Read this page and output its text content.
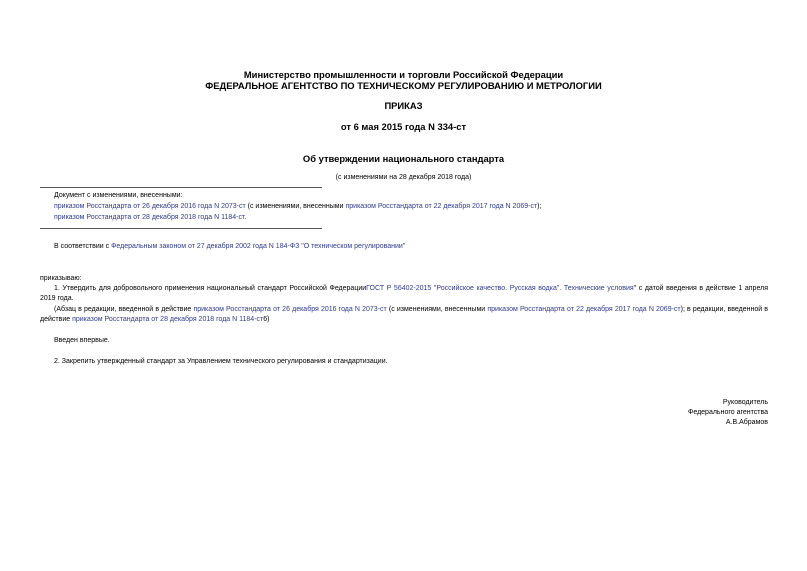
Министерство промышленности и торговли Российской Федерации
ФЕДЕРАЛЬНОЕ АГЕНТСТВО ПО ТЕХНИЧЕСКОМУ РЕГУЛИРОВАНИЮ И МЕТРОЛОГИИ
ПРИКАЗ
от 6 мая 2015 года N 334-ст
Об утверждении национального стандарта
(с изменениями на 28 декабря 2018 года)
Документ с изменениями, внесенными:
приказом Росстандарта от 26 декабря 2016 года N 2073-ст (с изменениями, внесенными приказом Росстандарта от 22 декабря 2017 года N 2069-ст);
приказом Росстандарта от 28 декабря 2018 года N 1184-ст.
В соответствии с Федеральным законом от 27 декабря 2002 года N 184-ФЗ "О техническом регулировании"
приказываю:
1. Утвердить для добровольного применения национальный стандарт Российской ФедерацииГОСТ Р 56402-2015 "Российское качество. Русская водка". Технические условия" с датой введения в действие 1 апреля 2019 года.
(Абзац в редакции, введенной в действие приказом Росстандарта от 26 декабря 2016 года N 2073-ст (с изменениями, внесенными приказом Росстандарта от 22 декабря 2017 года N 2069-ст); в редакции, введенной в действие приказом Росстандарта от 28 декабря 2018 года N 1184-ст6)
Введен впервые.
2. Закрепить утвержденный стандарт за Управлением технического регулирования и стандартизации.
Руководитель
Федерального агентства
А.В.Абрамов
